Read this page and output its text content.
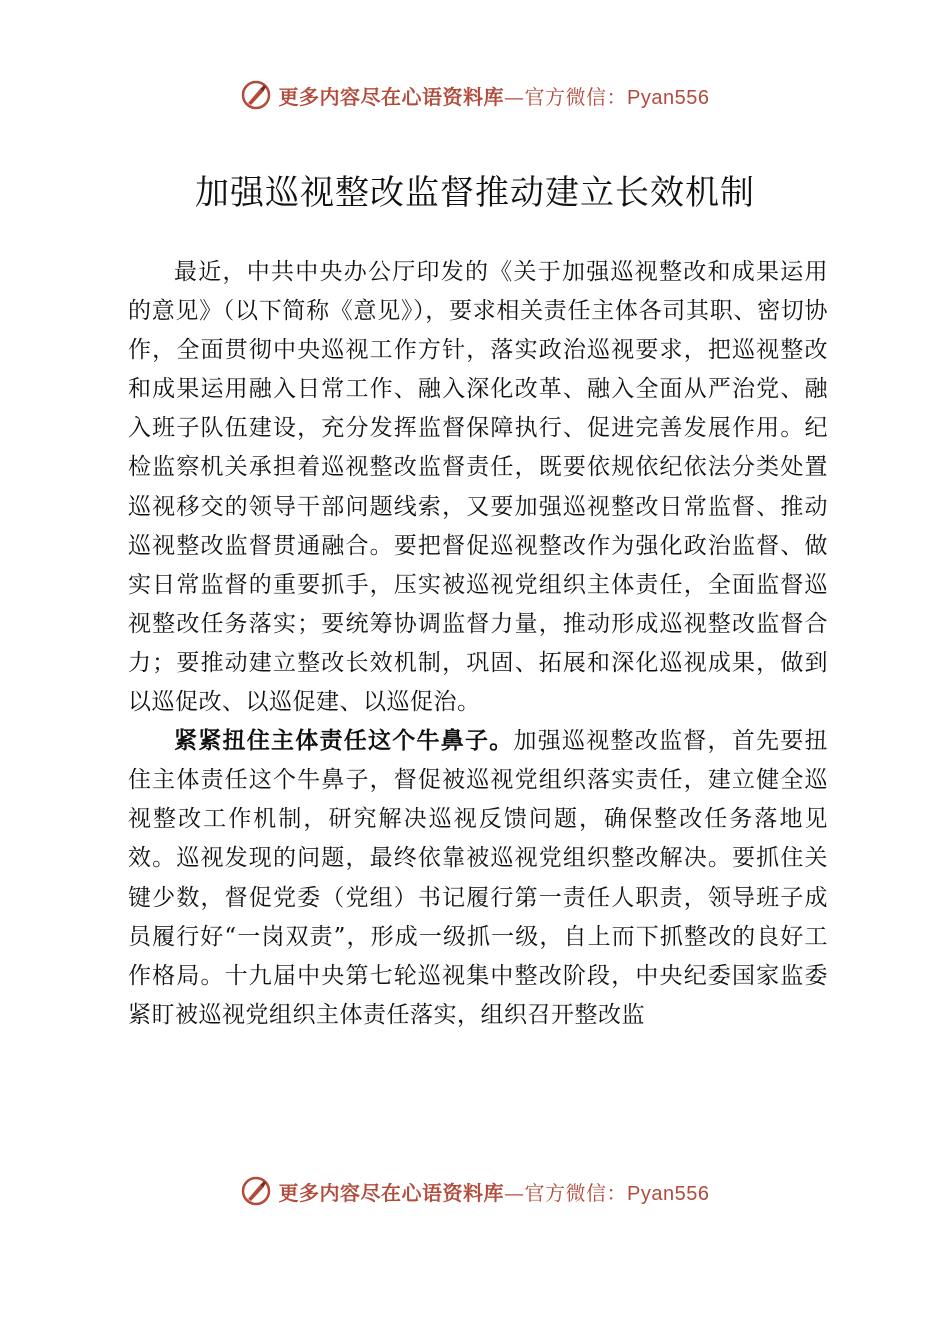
更多内容尽在心语资料库—官方微信：Pyan556
加强巡视整改监督推动建立长效机制

最近，中共中央办公厅印发的《关于加强巡视整改和成果运用的意见》（以下简称《意见》），要求相关责任主体各司其职、密切协作，全面贯彻中央巡视工作方针，落实政治巡视要求，把巡视整改和成果运用融入日常工作、融入深化改革、融入全面从严治党、融入班子队伍建设，充分发挥监督保障执行、促进完善发展作用。纪检监察机关承担着巡视整改监督责任，既要依规依纪依法分类处置巡视移交的领导干部问题线索，又要加强巡视整改日常监督、推动巡视整改监督贯通融合。要把督促巡视整改作为强化政治监督、做实日常监督的重要抓手，压实被巡视党组织主体责任，全面监督巡视整改任务落实；要统筹协调监督力量，推动形成巡视整改监督合力；要推动建立整改长效机制，巩固、拓展和深化巡视成果，做到以巡促改、以巡促建、以巡促治。

紧紧扭住主体责任这个牛鼻子。加强巡视整改监督，首先要扭住主体责任这个牛鼻子，督促被巡视党组织落实责任，建立健全巡视整改工作机制，研究解决巡视反馈问题，确保整改任务落地见效。巡视发现的问题，最终依靠被巡视党组织整改解决。要抓住关键少数，督促党委（党组）书记履行第一责任人职责，领导班子成员履行好“一岗双责”，形成一级抓一级，自上而下抓整改的良好工作格局。十九届中央第七轮巡视集中整改阶段，中央纪委国家监委紧盯被巡视党组织主体责任落实，组织召开整改监

更多内容尽在心语资料库—官方微信：Pyan556
